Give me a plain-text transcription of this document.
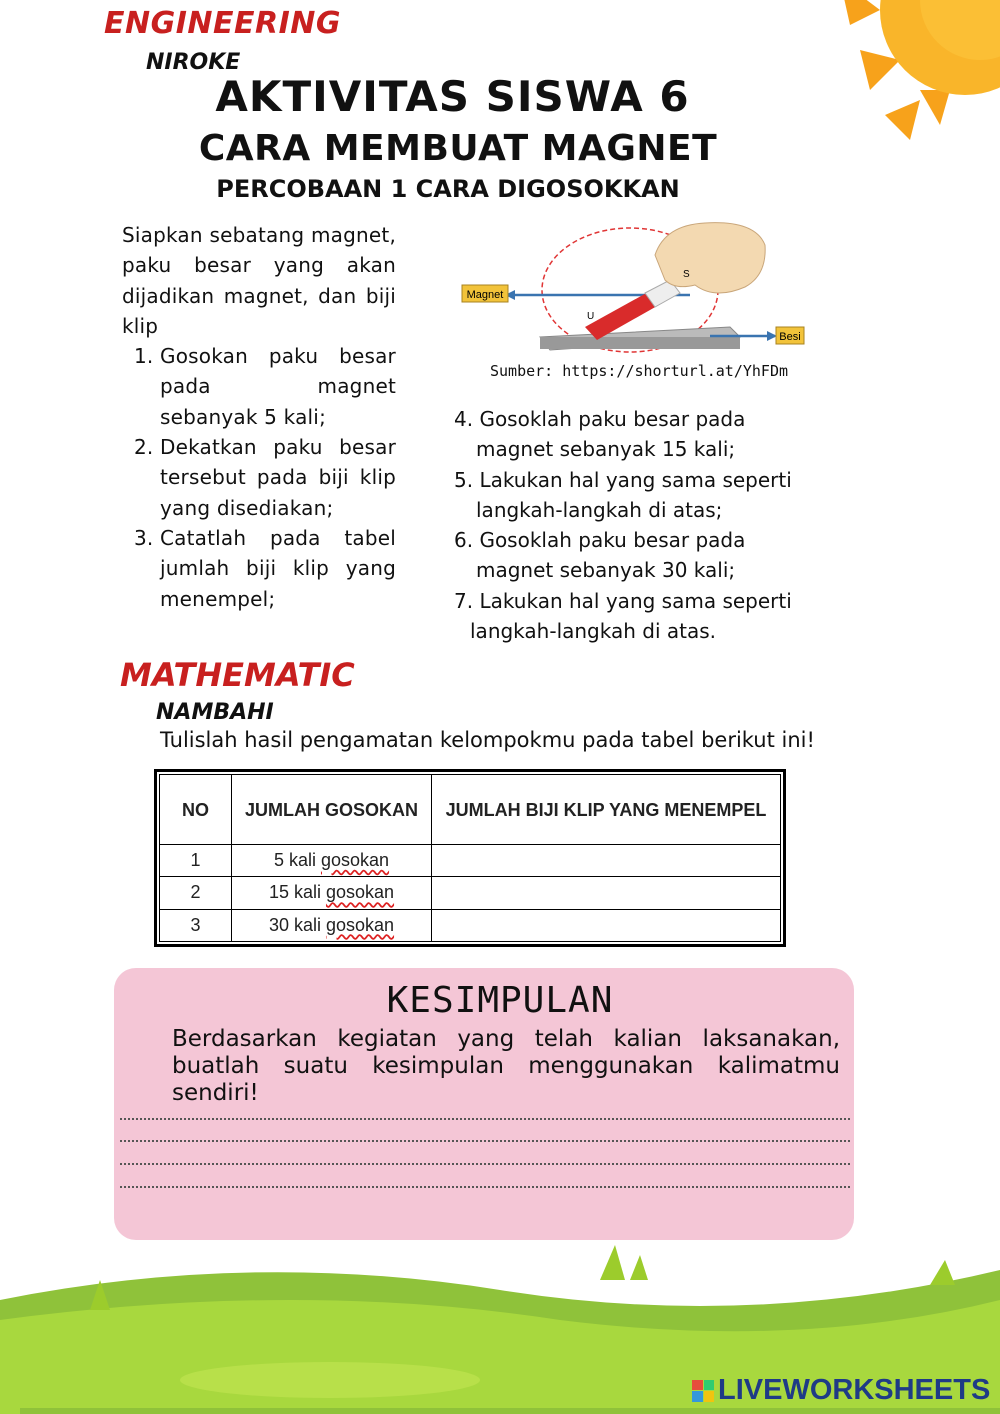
ENGINEERING
NIROKE
AKTIVITAS SISWA 6
CARA MEMBUAT MAGNET
PERCOBAAN 1 CARA DIGOSOKKAN
Siapkan sebatang magnet, paku besar yang akan dijadikan magnet, dan biji klip
1. Gosokan paku besar pada magnet sebanyak 5 kali;
2. Dekatkan paku besar tersebut pada biji klip yang disediakan;
3. Catatlah pada tabel jumlah biji klip yang menempel;
Magnet
Besi
U
S
Sumber: https://shorturl.at/YhFDm
4. Gosoklah paku besar pada
magnet sebanyak 15 kali;
5. Lakukan hal yang sama seperti
langkah-langkah di atas;
6. Gosoklah paku besar pada
magnet sebanyak 30 kali;
7. Lakukan hal yang sama seperti
langkah-langkah di atas.
MATHEMATIC
NAMBAHI
Tulislah hasil pengamatan kelompokmu pada tabel berikut ini!
NO	JUMLAH GOSOKAN	JUMLAH BIJI KLIP YANG MENEMPEL
1	5 kali gosokan	
2	15 kali gosokan	
3	30 kali gosokan	
KESIMPULAN
Berdasarkan kegiatan yang telah kalian laksanakan, buatlah suatu kesimpulan menggunakan kalimatmu sendiri!
LIVEWORKSHEETS
